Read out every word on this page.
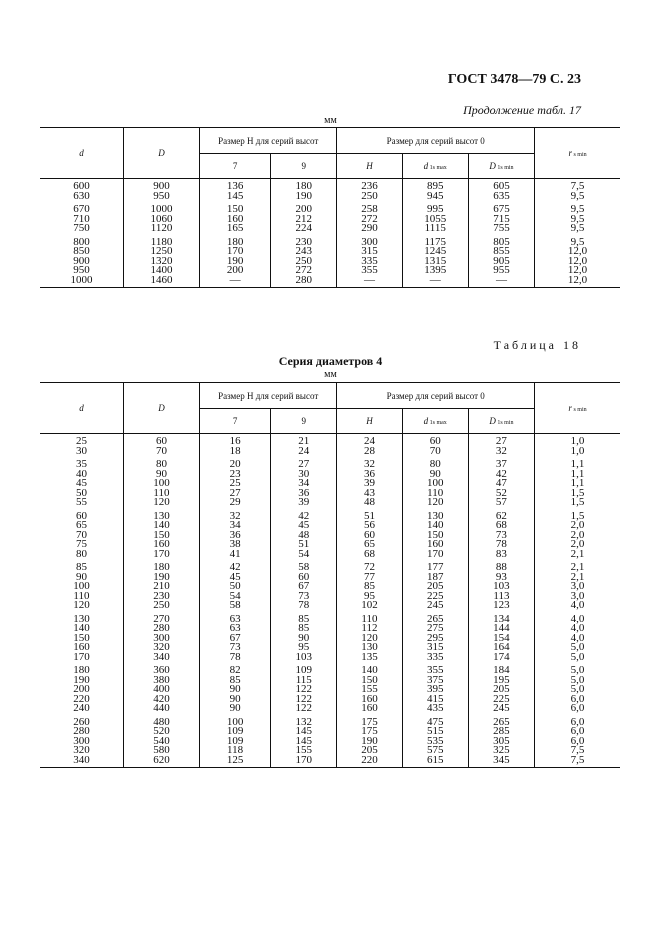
ГОСТ 3478—79 С. 23
Продолжение табл. 17
мм
d	D	Размер H для серий высот		Размер для серий высот 0			r s min
		7	9	H	d 1s max	D 1s min	
600	900	136	180	236	895	605	7,5
630	950	145	190	250	945	635	9,5
670	1000	150	200	258	995	675	9,5
710	1060	160	212	272	1055	715	9,5
750	1120	165	224	290	1115	755	9,5
800	1180	180	230	300	1175	805	9,5
850	1250	170	243	315	1245	855	12,0
900	1320	190	250	335	1315	905	12,0
950	1400	200	272	355	1395	955	12,0
1000	1460	—	280	—	—	—	12,0
Таблица 18
Серия диаметров 4
мм
d	D	Размер H для серий высот		Размер для серий высот 0			r s min
		7	9	H	d 1s max	D 1s min	
25	60	16	21	24	60	27	1,0
30	70	18	24	28	70	32	1,0
35	80	20	27	32	80	37	1,1
40	90	23	30	36	90	42	1,1
45	100	25	34	39	100	47	1,1
50	110	27	36	43	110	52	1,5
55	120	29	39	48	120	57	1,5
60	130	32	42	51	130	62	1,5
65	140	34	45	56	140	68	2,0
70	150	36	48	60	150	73	2,0
75	160	38	51	65	160	78	2,0
80	170	41	54	68	170	83	2,1
85	180	42	58	72	177	88	2,1
90	190	45	60	77	187	93	2,1
100	210	50	67	85	205	103	3,0
110	230	54	73	95	225	113	3,0
120	250	58	78	102	245	123	4,0
130	270	63	85	110	265	134	4,0
140	280	63	85	112	275	144	4,0
150	300	67	90	120	295	154	4,0
160	320	73	95	130	315	164	5,0
170	340	78	103	135	335	174	5,0
180	360	82	109	140	355	184	5,0
190	380	85	115	150	375	195	5,0
200	400	90	122	155	395	205	5,0
220	420	90	122	160	415	225	6,0
240	440	90	122	160	435	245	6,0
260	480	100	132	175	475	265	6,0
280	520	109	145	175	515	285	6,0
300	540	109	145	190	535	305	6,0
320	580	118	155	205	575	325	7,5
340	620	125	170	220	615	345	7,5
